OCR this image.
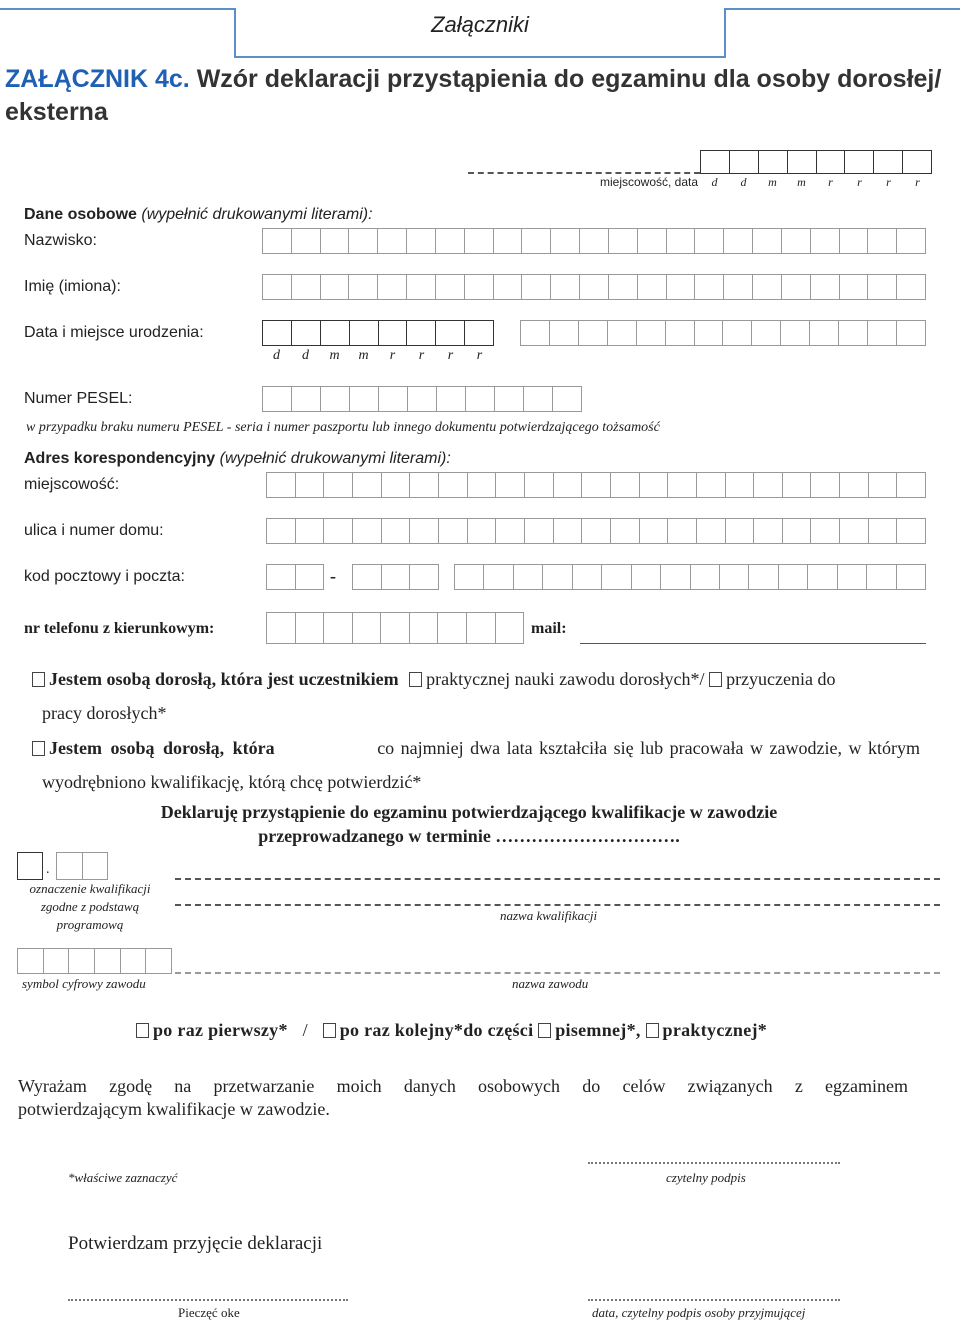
Załączniki
ZAŁĄCZNIK 4c. Wzór deklaracji przystąpienia do egzaminu dla osoby dorosłej/
eksterna
miejscowość, data	d	d	m	m	r	r	r	r
Dane osobowe (wypełnić drukowanymi literami):
Nazwisko:
Imię (imiona):
Data i miejsce urodzenia:
d	d	m	m	r	r	r	r
Numer PESEL:
w przypadku braku numeru PESEL - seria i numer paszportu lub innego dokumentu potwierdzającego tożsamość
Adres korespondencyjny (wypełnić drukowanymi literami):
miejscowość:
ulica i numer domu:
kod pocztowy i poczta:	-
nr telefonu z kierunkowym:	mail:
Jestem osobą dorosłą, która jest uczestnikiem praktycznej nauki zawodu dorosłych*/ przyuczenia do
pracy dorosłych*
Jestem osobą dorosłą, która	co najmniej dwa lata kształciła się lub pracowała w zawodzie, w którym
wyodrębniono kwalifikację, którą chcę potwierdzić*
Deklaruję przystąpienie do egzaminu potwierdzającego kwalifikacje w zawodzie
przeprowadzanego w terminie ………………………….
.
oznaczenie kwalifikacji
zgodne z podstawą
programową
nazwa kwalifikacji
symbol cyfrowy zawodu	nazwa zawodu
po raz pierwszy* / po raz kolejny*do części pisemnej*, praktycznej*
Wyrażam zgodę na przetwarzanie moich danych osobowych do celów związanych z egzaminem
potwierdzającym kwalifikacje w zawodzie.
*właściwe zaznaczyć	czytelny podpis
Potwierdzam przyjęcie deklaracji
Pieczęć oke	data, czytelny podpis osoby przyjmującej
